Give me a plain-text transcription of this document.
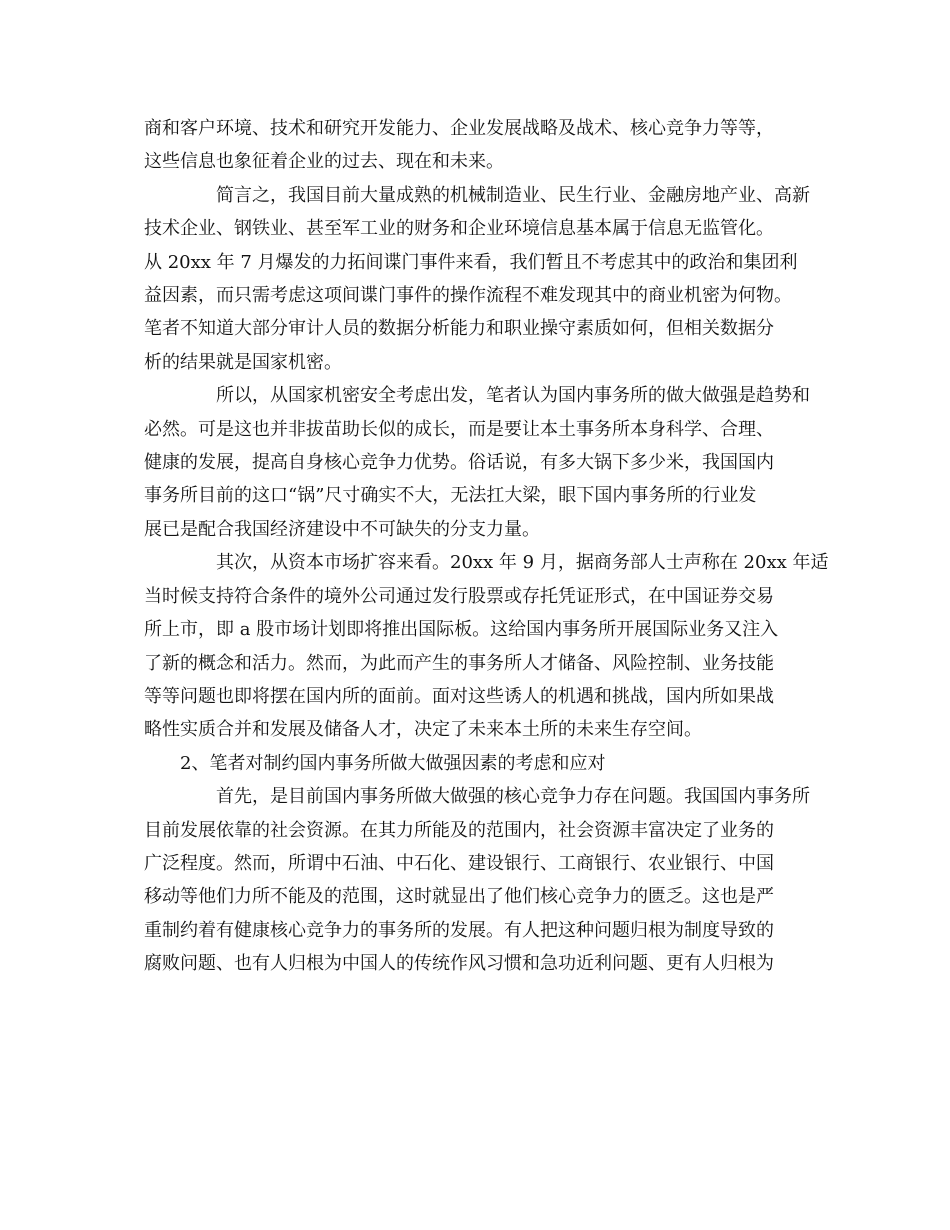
商和客户环境、技术和研究开发能力、企业发展战略及战术、核心竞争力等等，
这些信息也象征着企业的过去、现在和未来。

简言之，我国目前大量成熟的机械制造业、民生行业、金融房地产业、高新
技术企业、钢铁业、甚至军工业的财务和企业环境信息基本属于信息无监管化。
从 20xx 年 7 月爆发的力拓间谍门事件来看，我们暂且不考虑其中的政治和集团利
益因素，而只需考虑这项间谍门事件的操作流程不难发现其中的商业机密为何物。
笔者不知道大部分审计人员的数据分析能力和职业操守素质如何，但相关数据分
析的结果就是国家机密。

所以，从国家机密安全考虑出发，笔者认为国内事务所的做大做强是趋势和
必然。可是这也并非拔苗助长似的成长，而是要让本土事务所本身科学、合理、
健康的发展，提高自身核心竞争力优势。俗话说，有多大锅下多少米，我国国内
事务所目前的这口“锅”尺寸确实不大，无法扛大梁，眼下国内事务所的行业发
展已是配合我国经济建设中不可缺失的分支力量。

其次，从资本市场扩容来看。20xx 年 9 月，据商务部人士声称在 20xx 年适
当时候支持符合条件的境外公司通过发行股票或存托凭证形式，在中国证券交易
所上市，即 a 股市场计划即将推出国际板。这给国内事务所开展国际业务又注入
了新的概念和活力。然而，为此而产生的事务所人才储备、风险控制、业务技能
等等问题也即将摆在国内所的面前。面对这些诱人的机遇和挑战，国内所如果战
略性实质合并和发展及储备人才，决定了未来本土所的未来生存空间。

2、笔者对制约国内事务所做大做强因素的考虑和应对

首先，是目前国内事务所做大做强的核心竞争力存在问题。我国国内事务所
目前发展依靠的社会资源。在其力所能及的范围内，社会资源丰富决定了业务的
广泛程度。然而，所谓中石油、中石化、建设银行、工商银行、农业银行、中国
移动等他们力所不能及的范围，这时就显出了他们核心竞争力的匮乏。这也是严
重制约着有健康核心竞争力的事务所的发展。有人把这种问题归根为制度导致的
腐败问题、也有人归根为中国人的传统作风习惯和急功近利问题、更有人归根为
